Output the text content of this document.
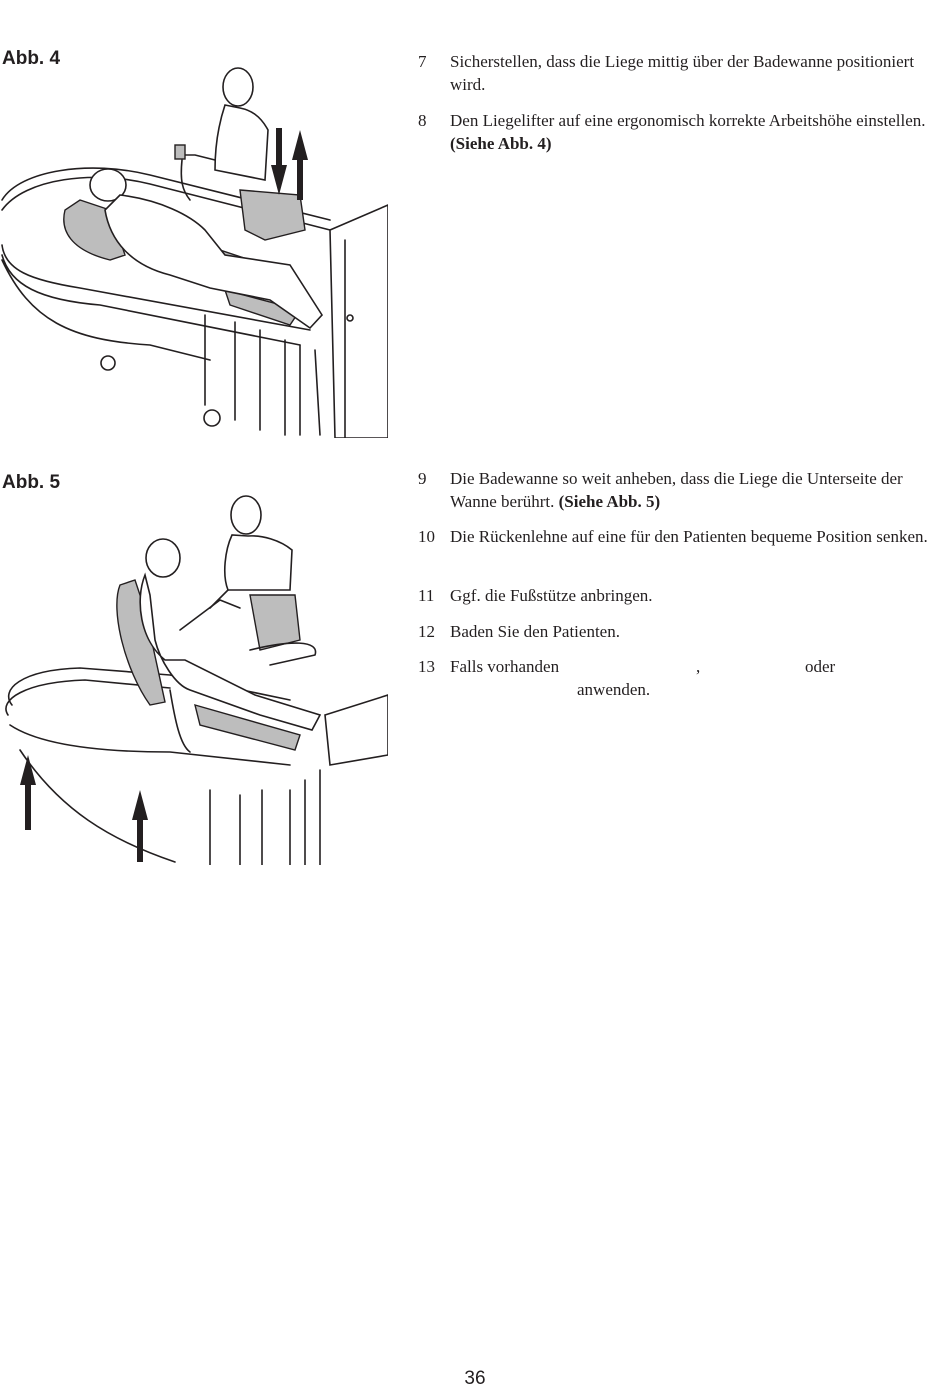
Abb. 4	7 Sicherstellen, dass die Liege mittig über der Badewanne positioniert wird.
8 Den Liegelifter auf eine ergonomisch korrekte Arbeitshöhe einstellen. (Siehe Abb. 4)
Abb. 5	9 Die Badewanne so weit anheben, dass die Liege die Unterseite der Wanne berührt. (Siehe Abb. 5)
10 Die Rückenlehne auf eine für den Patienten bequeme Position senken.
11 Ggf. die Fußstütze anbringen.
12 Baden Sie den Patienten.
13 Falls vorhanden	,	oder
anwenden.
36
